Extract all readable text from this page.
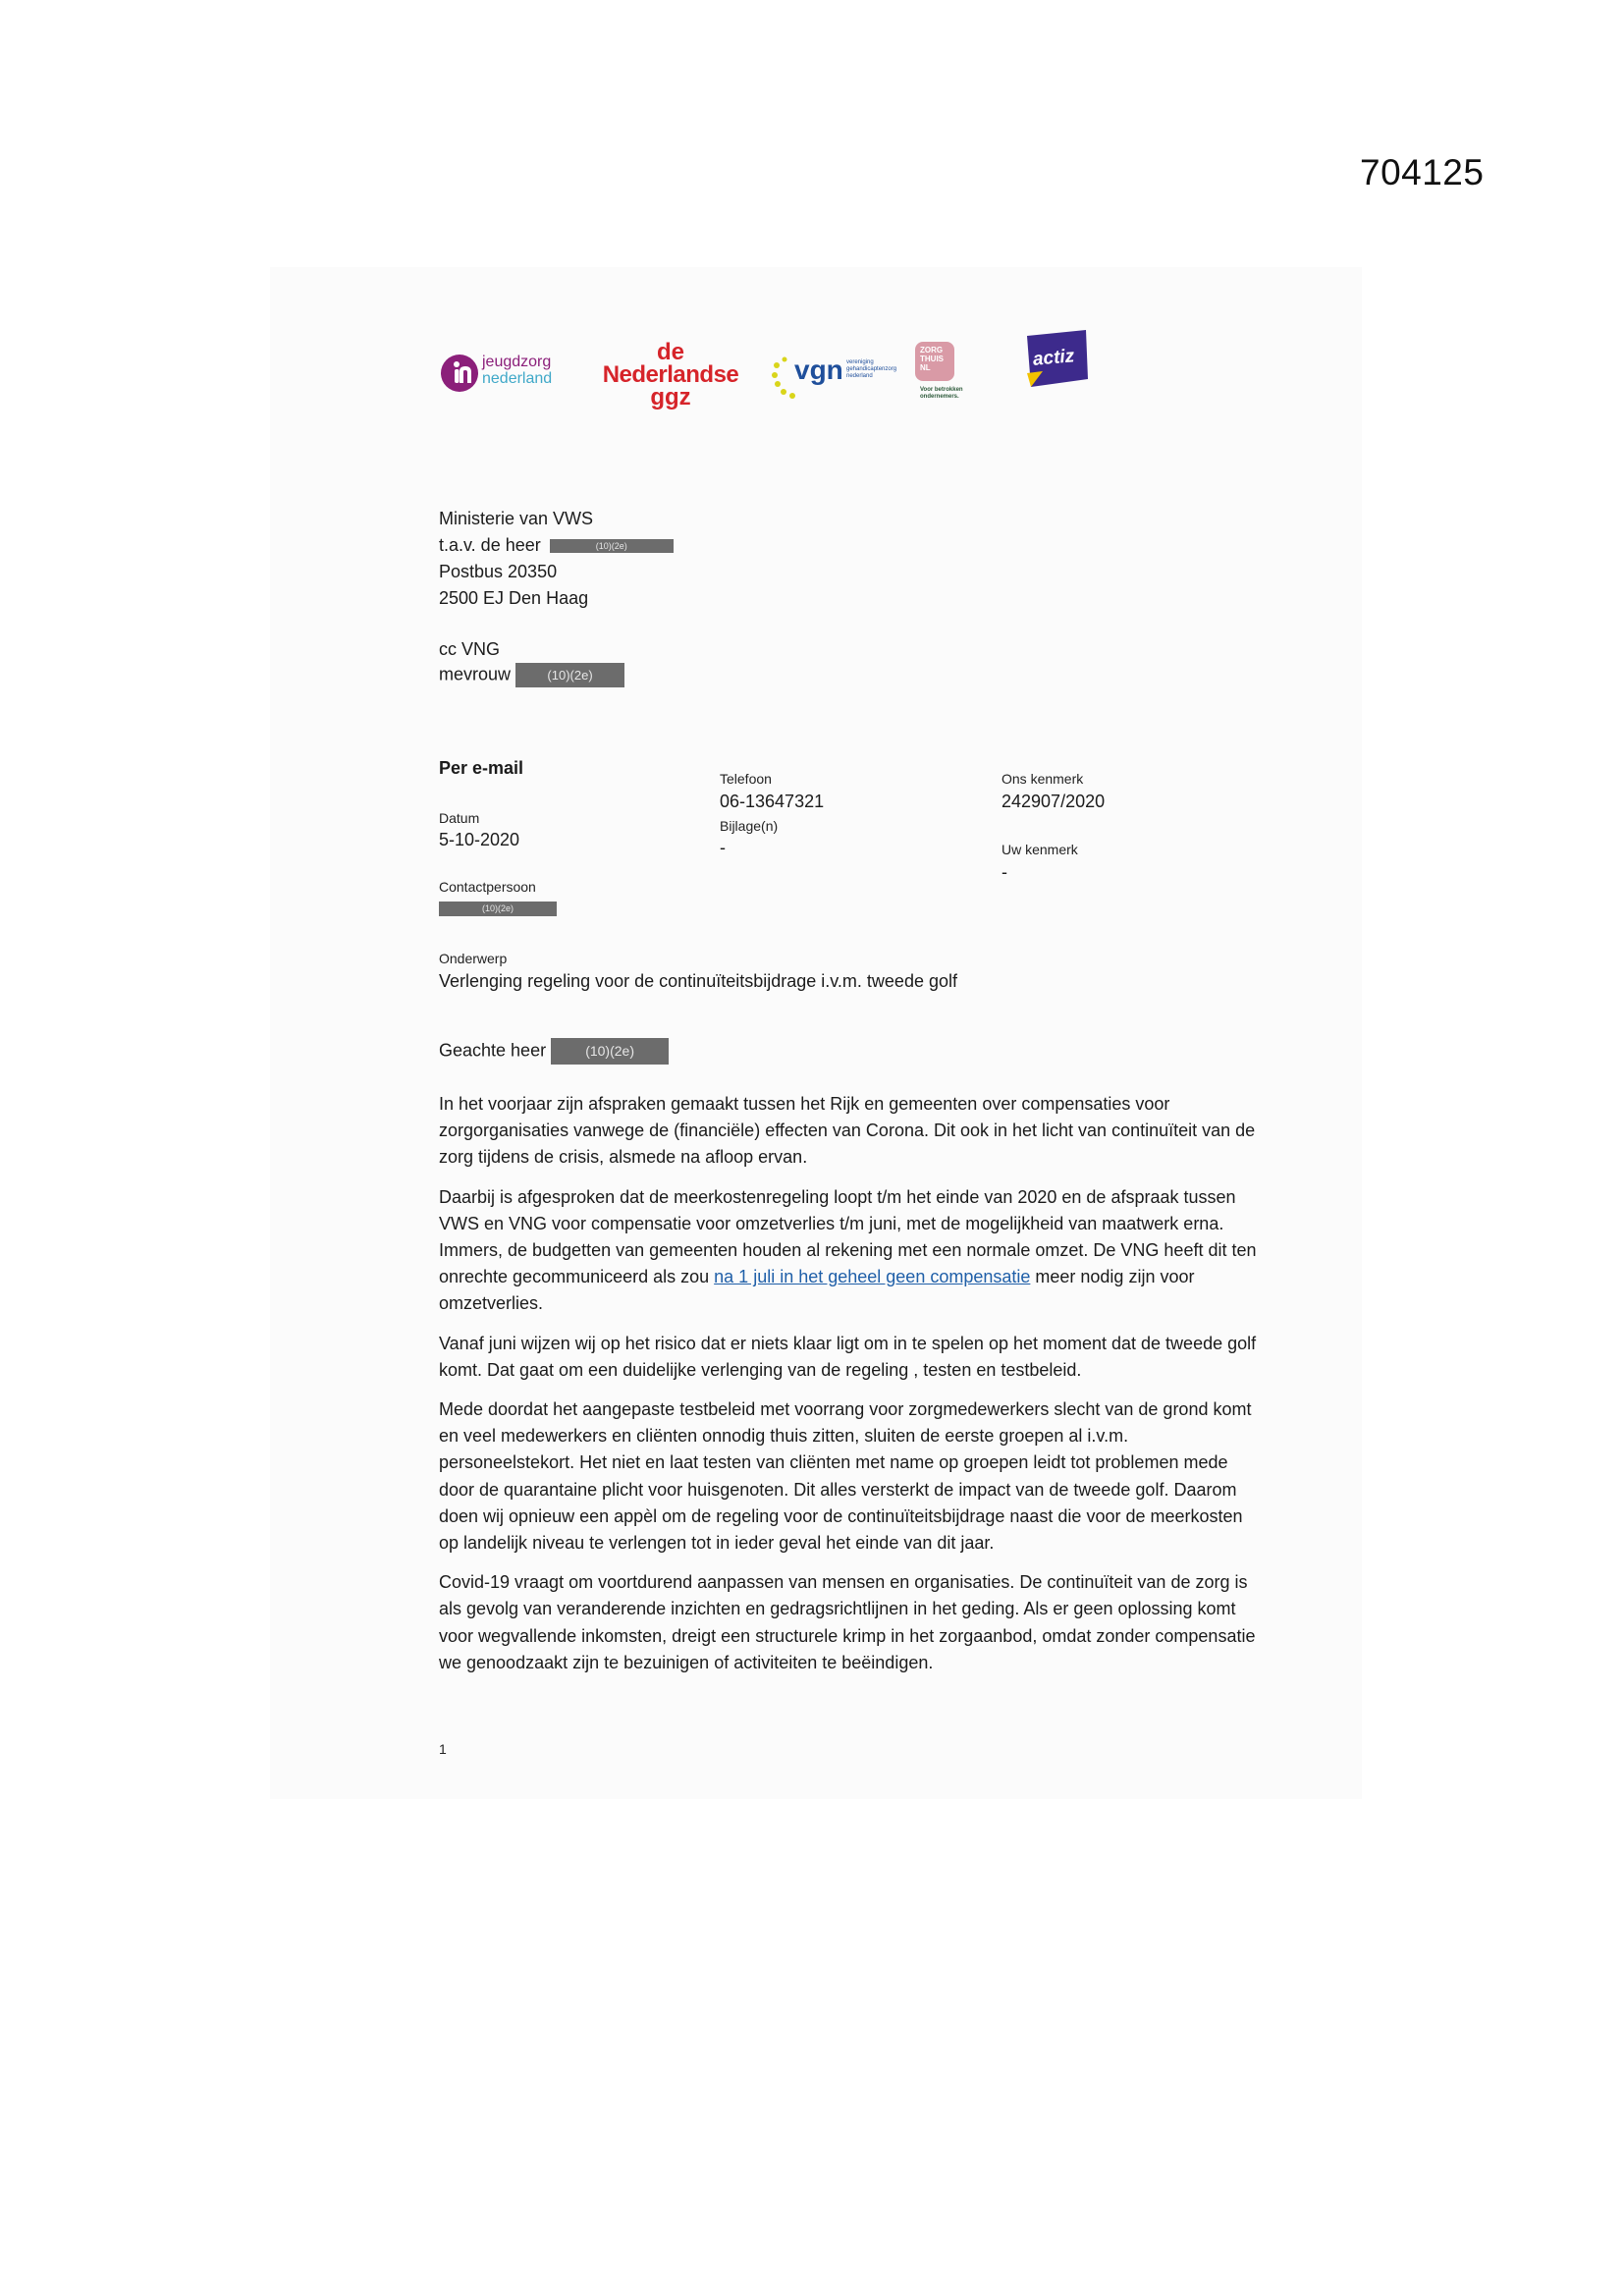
704125
jeugdzorg
nederland
de
Nederlandse
ggz
vgn vereniging
gehandicaptenzorg
nederland
ZORG
THUIS
NL
Voor betrokken
ondernemers.
actiz
Ministerie van VWS
t.a.v. de heer	(10)(2e)
Postbus 20350
2500 EJ Den Haag
cc VNG
mevrouw	(10)(2e)
Per e-mail
Datum
5-10-2020
Contactpersoon
(10)(2e)
Telefoon
06-13647321
Bijlage(n)
-
Ons kenmerk
242907/2020
Uw kenmerk
-
Onderwerp
Verlenging regeling voor de continuïteitsbijdrage i.v.m. tweede golf
Geachte heer	(10)(2e)

In het voorjaar zijn afspraken gemaakt tussen het Rijk en gemeenten over compensaties voor zorgorganisaties vanwege de (financiële) effecten van Corona. Dit ook in het licht van continuïteit van de zorg tijdens de crisis, alsmede na afloop ervan.

Daarbij is afgesproken dat de meerkostenregeling loopt t/m het einde van 2020 en de afspraak tussen VWS en VNG voor compensatie voor omzetverlies t/m juni, met de mogelijkheid van maatwerk erna. Immers, de budgetten van gemeenten houden al rekening met een normale omzet. De VNG heeft dit ten onrechte gecommuniceerd als zou na 1 juli in het geheel geen compensatie meer nodig zijn voor omzetverlies.

Vanaf juni wijzen wij op het risico dat er niets klaar ligt om in te spelen op het moment dat de tweede golf komt. Dat gaat om een duidelijke verlenging van de regeling , testen en testbeleid.

Mede doordat het aangepaste testbeleid met voorrang voor zorgmedewerkers slecht van de grond komt en veel medewerkers en cliënten onnodig thuis zitten, sluiten de eerste groepen al i.v.m. personeelstekort. Het niet en laat testen van cliënten met name op groepen leidt tot problemen mede door de quarantaine plicht voor huisgenoten. Dit alles versterkt de impact van de tweede golf. Daarom doen wij opnieuw een appèl om de regeling voor de continuïteitsbijdrage naast die voor de meerkosten op landelijk niveau te verlengen tot in ieder geval het einde van dit jaar.

Covid-19 vraagt om voortdurend aanpassen van mensen en organisaties. De continuïteit van de zorg is als gevolg van veranderende inzichten en gedragsrichtlijnen in het geding. Als er geen oplossing komt voor wegvallende inkomsten, dreigt een structurele krimp in het zorgaanbod, omdat zonder compensatie we genoodzaakt zijn te bezuinigen of activiteiten te beëindigen.

1
